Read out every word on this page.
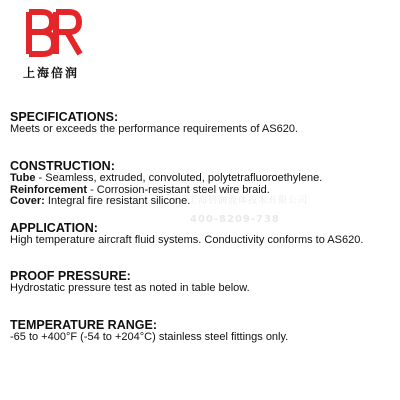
上海倍润
上海倍润流体技术有限公司
400-8209-738

SPECIFICATIONS:

Meets or exceeds the performance requirements of AS620.

CONSTRUCTION:

Tube - Seamless, extruded, convoluted, polytetrafluoroethylene.

Reinforcement - Corrosion-resistant steel wire braid.

Cover: Integral fire resistant silicone.

APPLICATION:

High temperature aircraft fluid systems. Conductivity conforms to AS620.

PROOF PRESSURE:

Hydrostatic pressure test as noted in table below.

TEMPERATURE RANGE:

-65 to +400°F (-54 to +204°C) stainless steel fittings only.
